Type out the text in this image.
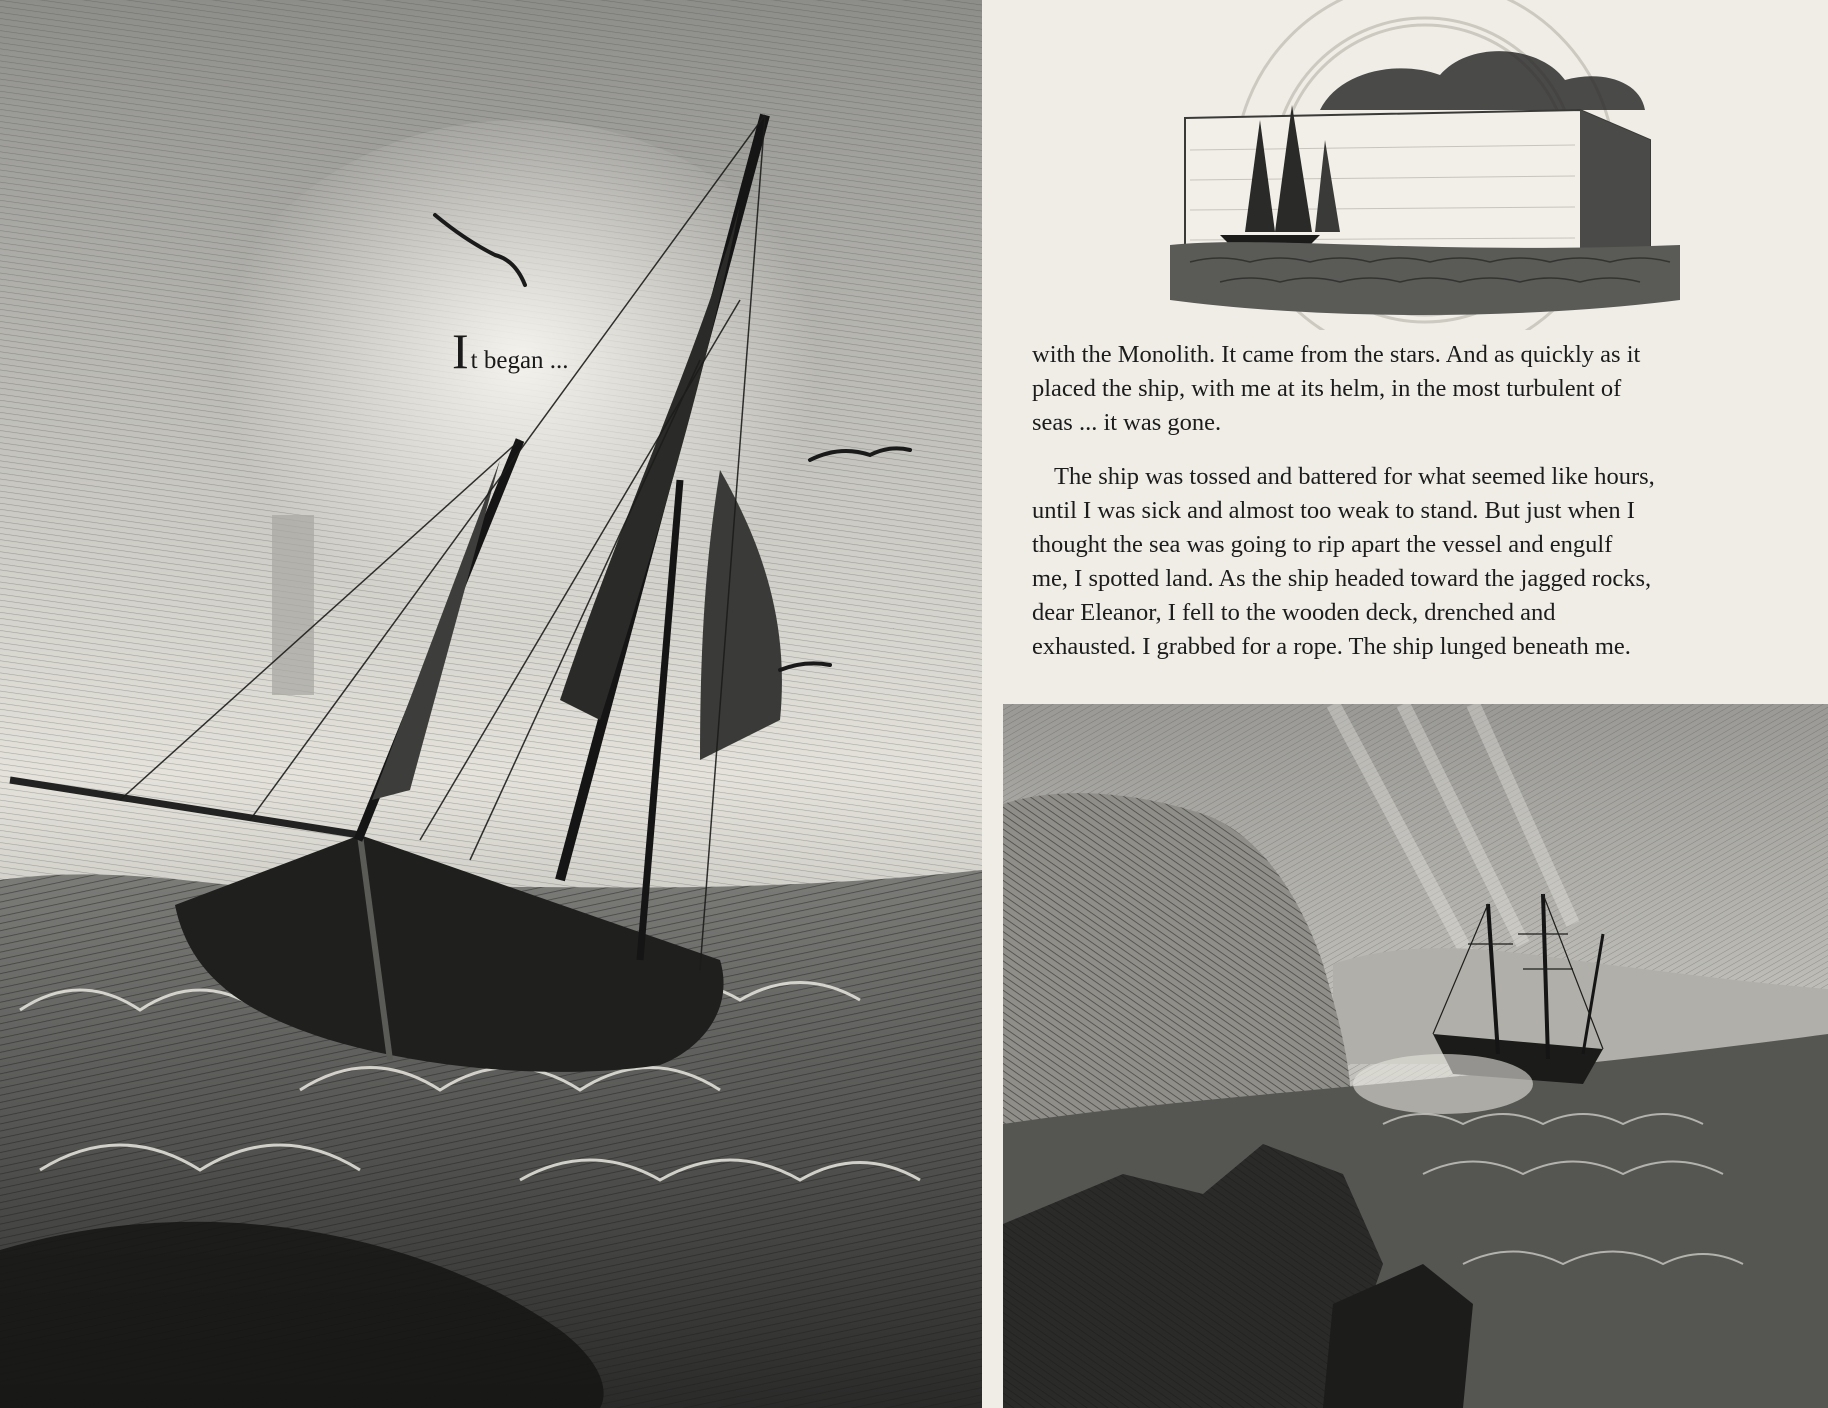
It began ...	with the Monolith. It came from the stars. And as quickly as it
placed the ship, with me at its helm, in the most turbulent of
seas ... it was gone.

The ship was tossed and battered for what seemed like hours,
until I was sick and almost too weak to stand. But just when I
thought the sea was going to rip apart the vessel and engulf
me, I spotted land. As the ship headed toward the jagged rocks,
dear Eleanor, I fell to the wooden deck, drenched and
exhausted. I grabbed for a rope. The ship lunged beneath me.
